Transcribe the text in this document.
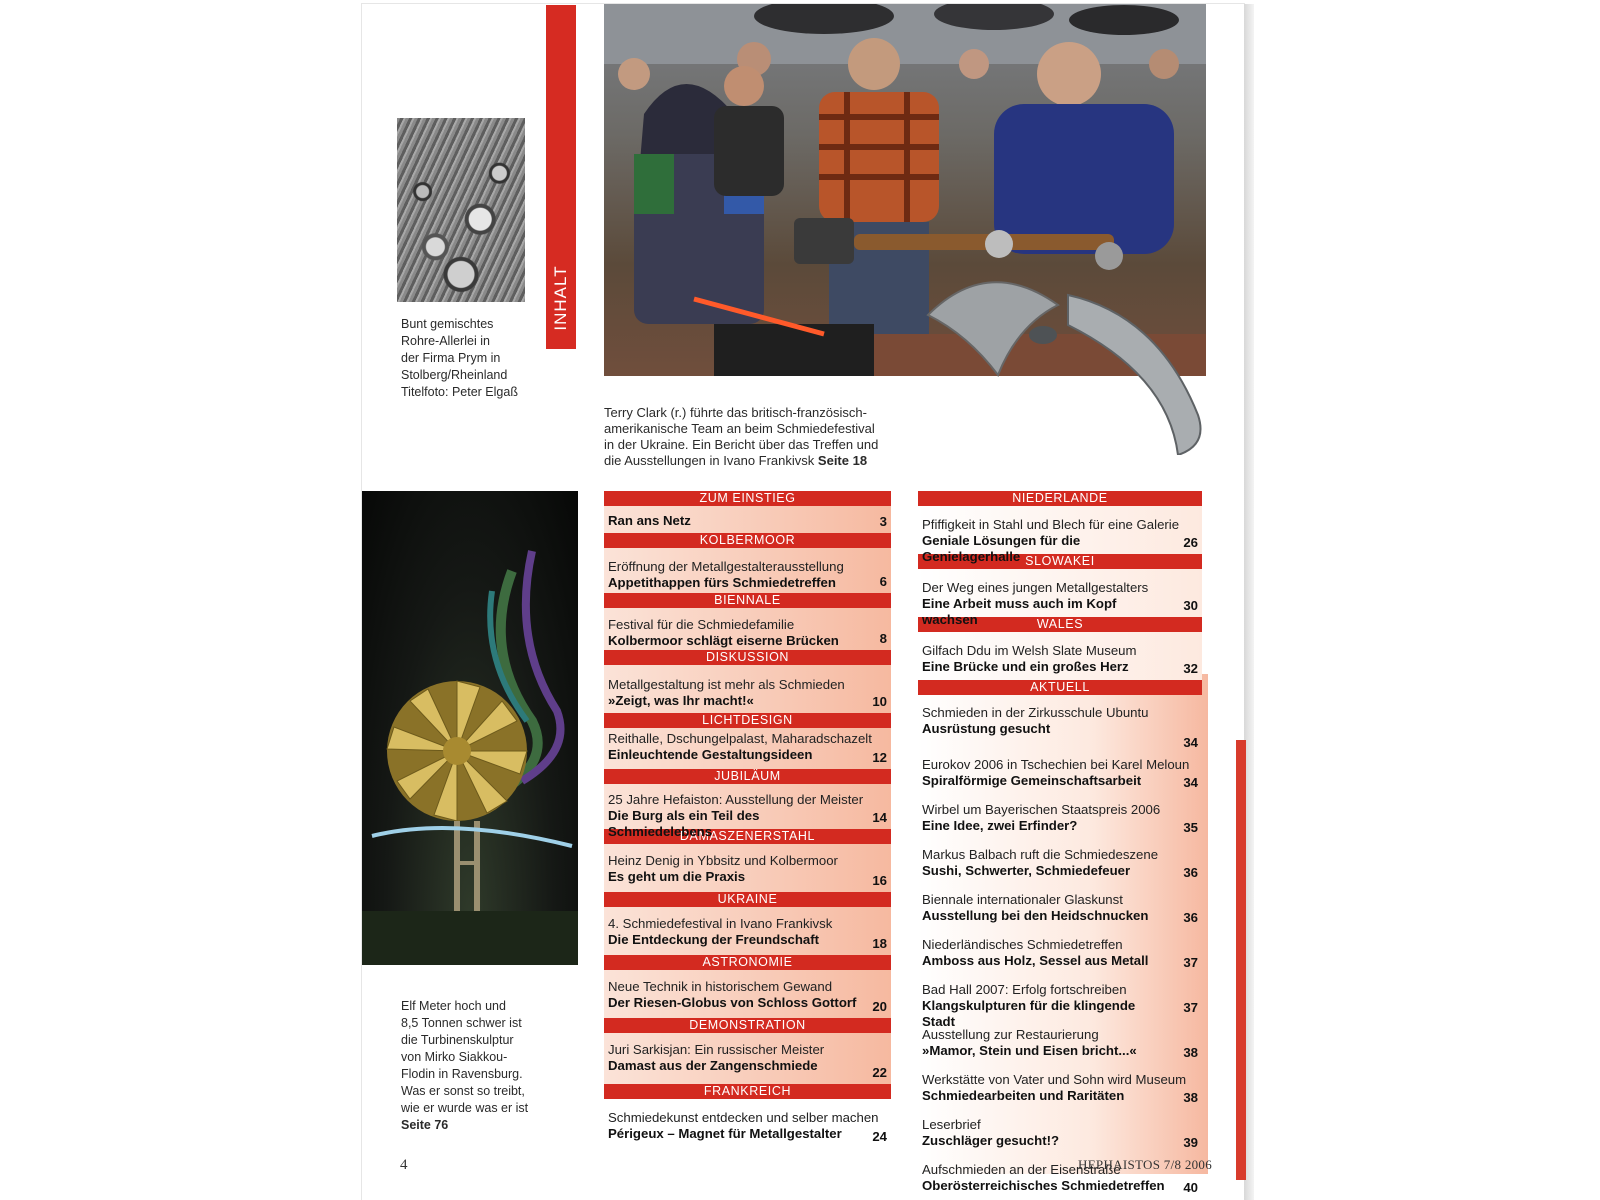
Bunt gemischtes
Rohre-Allerlei in
der Firma Prym in
Stolberg/Rheinland
Titelfoto: Peter Elgaß
INHALT
Terry Clark (r.) führte das britisch-französisch-
amerikanische Team an beim Schmiedefestival
in der Ukraine. Ein Bericht über das Treffen und
die Ausstellungen in Ivano Frankivsk Seite 18
Elf Meter hoch und
8,5 Tonnen schwer ist
die Turbinenskulptur
von Mirko Siakkou-
Flodin in Ravensburg.
Was er sonst so treibt,
wie er wurde was er ist
Seite 76
ZUM EINSTIEG
Ran ans Netz	3
KOLBERMOOR
Eröffnung der Metallgestalterausstellung
Appetithappen fürs Schmiedetreffen	6
BIENNALE
Festival für die Schmiedefamilie
Kolbermoor schlägt eiserne Brücken	8
DISKUSSION
Metallgestaltung ist mehr als Schmieden
»Zeigt, was Ihr macht!«	10
LICHTDESIGN
Reithalle, Dschungelpalast, Maharadschazelt
Einleuchtende Gestaltungsideen	12
JUBILÄUM
25 Jahre Hefaiston: Ausstellung der Meister
Die Burg als ein Teil des Schmiedelebens
14
DAMASZENERSTAHL
Heinz Denig in Ybbsitz und Kolbermoor
Es geht um die Praxis	16
UKRAINE
4. Schmiedefestival in Ivano Frankivsk
Die Entdeckung der Freundschaft	18
ASTRONOMIE
Neue Technik in historischem Gewand
Der Riesen-Globus von Schloss Gottorf	20
DEMONSTRATION
Juri Sarkisjan: Ein russischer Meister
Damast aus der Zangenschmiede	22
FRANKREICH
Schmiedekunst entdecken und selber machen
Périgeux – Magnet für Metallgestalter	24
NIEDERLANDE
Pfiffigkeit in Stahl und Blech für eine Galerie
Geniale Lösungen für die Genielagerhalle
26
SLOWAKEI
Der Weg eines jungen Metallgestalters
Eine Arbeit muss auch im Kopf wachsen
30
WALES
Gilfach Ddu im Welsh Slate Museum
Eine Brücke und ein großes Herz	32
AKTUELL
Schmieden in der Zirkusschule Ubuntu
Ausrüstung gesucht
34
Eurokov 2006 in Tschechien bei Karel Meloun
Spiralförmige Gemeinschaftsarbeit	34
Wirbel um Bayerischen Staatspreis 2006
Eine Idee, zwei Erfinder?	35
Markus Balbach ruft die Schmiedeszene
Sushi, Schwerter, Schmiedefeuer	36
Biennale internationaler Glaskunst
Ausstellung bei den Heidschnucken	36
Niederländisches Schmiedetreffen
Amboss aus Holz, Sessel aus Metall	37
Bad Hall 2007: Erfolg fortschreiben
Klangskulpturen für die klingende Stadt
37
Ausstellung zur Restaurierung
»Mamor, Stein und Eisen bricht...«	38
Werkstätte von Vater und Sohn wird Museum
Schmiedearbeiten und Raritäten	38
Leserbrief
Zuschläger gesucht!?	39
Aufschmieden an der Eisenstraße
Oberösterreichisches Schmiedetreffen	40
4	HEPHAISTOS 7/8 2006
